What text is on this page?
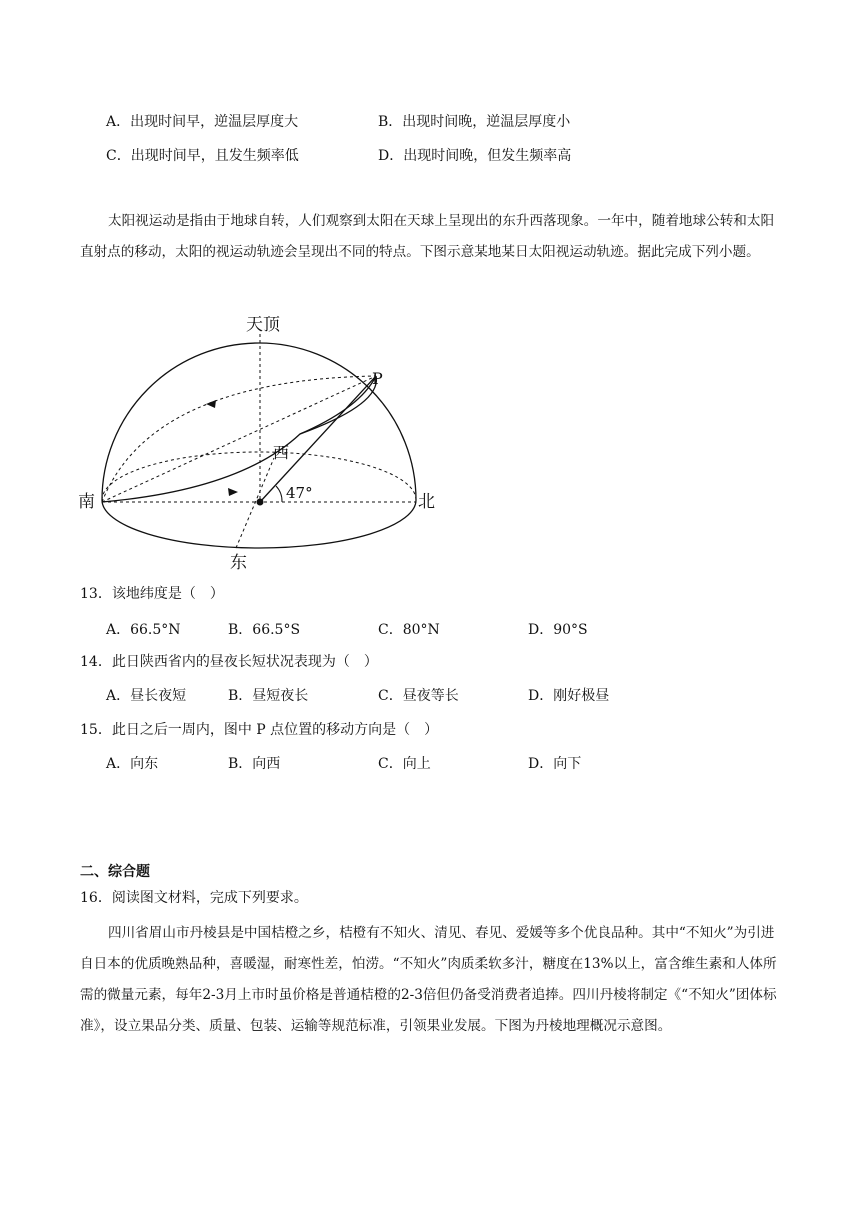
A．出现时间早，逆温层厚度大	B．出现时间晚，逆温层厚度小
C．出现时间早，且发生频率低	D．出现时间晚，但发生频率高
太阳视运动是指由于地球自转，人们观察到太阳在天球上呈现出的东升西落现象。一年中，随着地球公转和太阳直射点的移动，太阳的视运动轨迹会呈现出不同的特点。下图示意某地某日太阳视运动轨迹。据此完成下列小题。
天顶
P
西
47°
南	北
东
13．该地纬度是（　）
A．66.5°N	B．66.5°S	C．80°N	D．90°S
14．此日陕西省内的昼夜长短状况表现为（　）
A．昼长夜短	B．昼短夜长	C．昼夜等长	D．刚好极昼
15．此日之后一周内，图中 P 点位置的移动方向是（　）
A．向东	B．向西	C．向上	D．向下
二、综合题
16．阅读图文材料，完成下列要求。
四川省眉山市丹棱县是中国桔橙之乡，桔橙有不知火、清见、春见、爱媛等多个优良品种。其中“不知火”为引进自日本的优质晚熟品种，喜暖湿，耐寒性差，怕涝。“不知火”肉质柔软多汁，糖度在13%以上，富含维生素和人体所需的微量元素，每年2-3月上市时虽价格是普通桔橙的2-3倍但仍备受消费者追捧。四川丹棱将制定《“不知火”团体标准》，设立果品分类、质量、包装、运输等规范标准，引领果业发展。下图为丹棱地理概况示意图。
